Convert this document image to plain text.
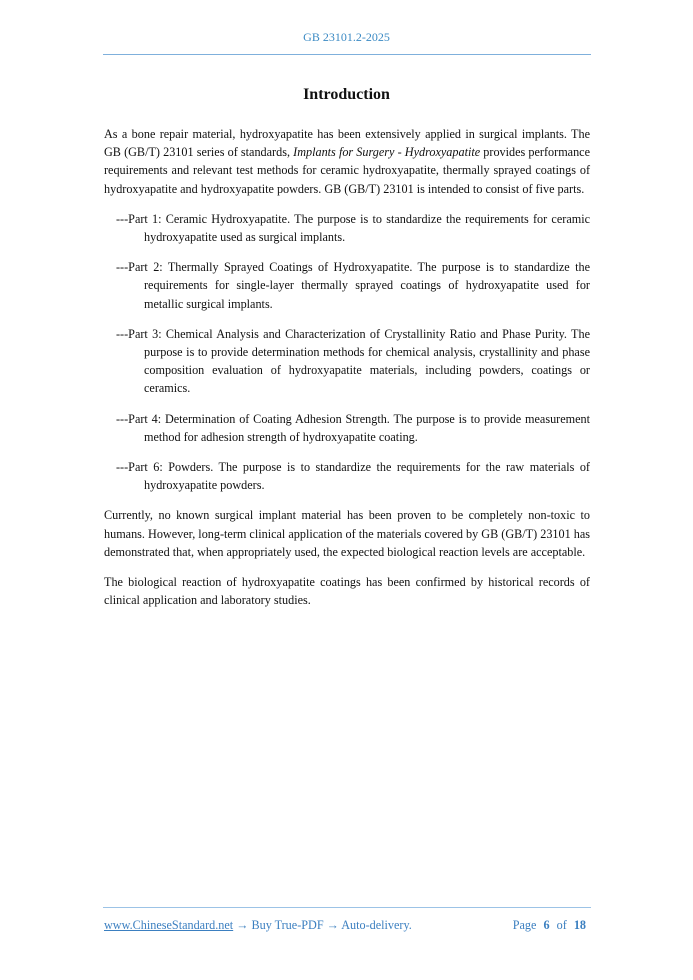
GB 23101.2-2025
Introduction

As a bone repair material, hydroxyapatite has been extensively applied in surgical implants. The GB (GB/T) 23101 series of standards, Implants for Surgery - Hydroxyapatite provides performance requirements and relevant test methods for ceramic hydroxyapatite, thermally sprayed coatings of hydroxyapatite and hydroxyapatite powders. GB (GB/T) 23101 is intended to consist of five parts.

---Part 1: Ceramic Hydroxyapatite. The purpose is to standardize the requirements for ceramic hydroxyapatite used as surgical implants.

---Part 2: Thermally Sprayed Coatings of Hydroxyapatite. The purpose is to standardize the requirements for single-layer thermally sprayed coatings of hydroxyapatite used for metallic surgical implants.

---Part 3: Chemical Analysis and Characterization of Crystallinity Ratio and Phase Purity. The purpose is to provide determination methods for chemical analysis, crystallinity and phase composition evaluation of hydroxyapatite materials, including powders, coatings or ceramics.

---Part 4: Determination of Coating Adhesion Strength. The purpose is to provide measurement method for adhesion strength of hydroxyapatite coating.

---Part 6: Powders. The purpose is to standardize the requirements for the raw materials of hydroxyapatite powders.

Currently, no known surgical implant material has been proven to be completely non-toxic to humans. However, long-term clinical application of the materials covered by GB (GB/T) 23101 has demonstrated that, when appropriately used, the expected biological reaction levels are acceptable.

The biological reaction of hydroxyapatite coatings has been confirmed by historical records of clinical application and laboratory studies.

www.ChineseStandard.net → Buy True-PDF → Auto-delivery.	Page 6 of 18
